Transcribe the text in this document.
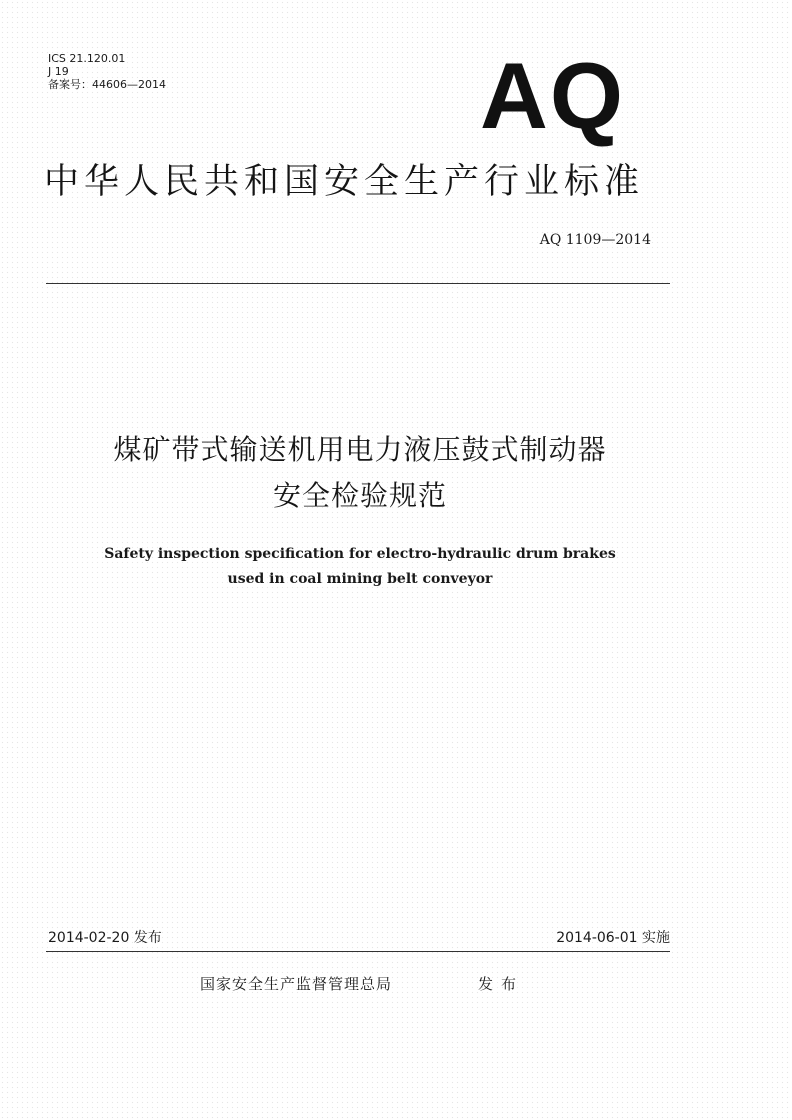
ICS 21.120.01
J 19
备案号：44606—2014	AQ
中华人民共和国安全生产行业标准
AQ 1109—2014
煤矿带式输送机用电力液压鼓式制动器
安全检验规范
Safety inspection specification for electro-hydraulic drum brakes
used in coal mining belt conveyor
2014-02-20 发布	2014-06-01 实施
国家安全生产监督管理总局	发布
